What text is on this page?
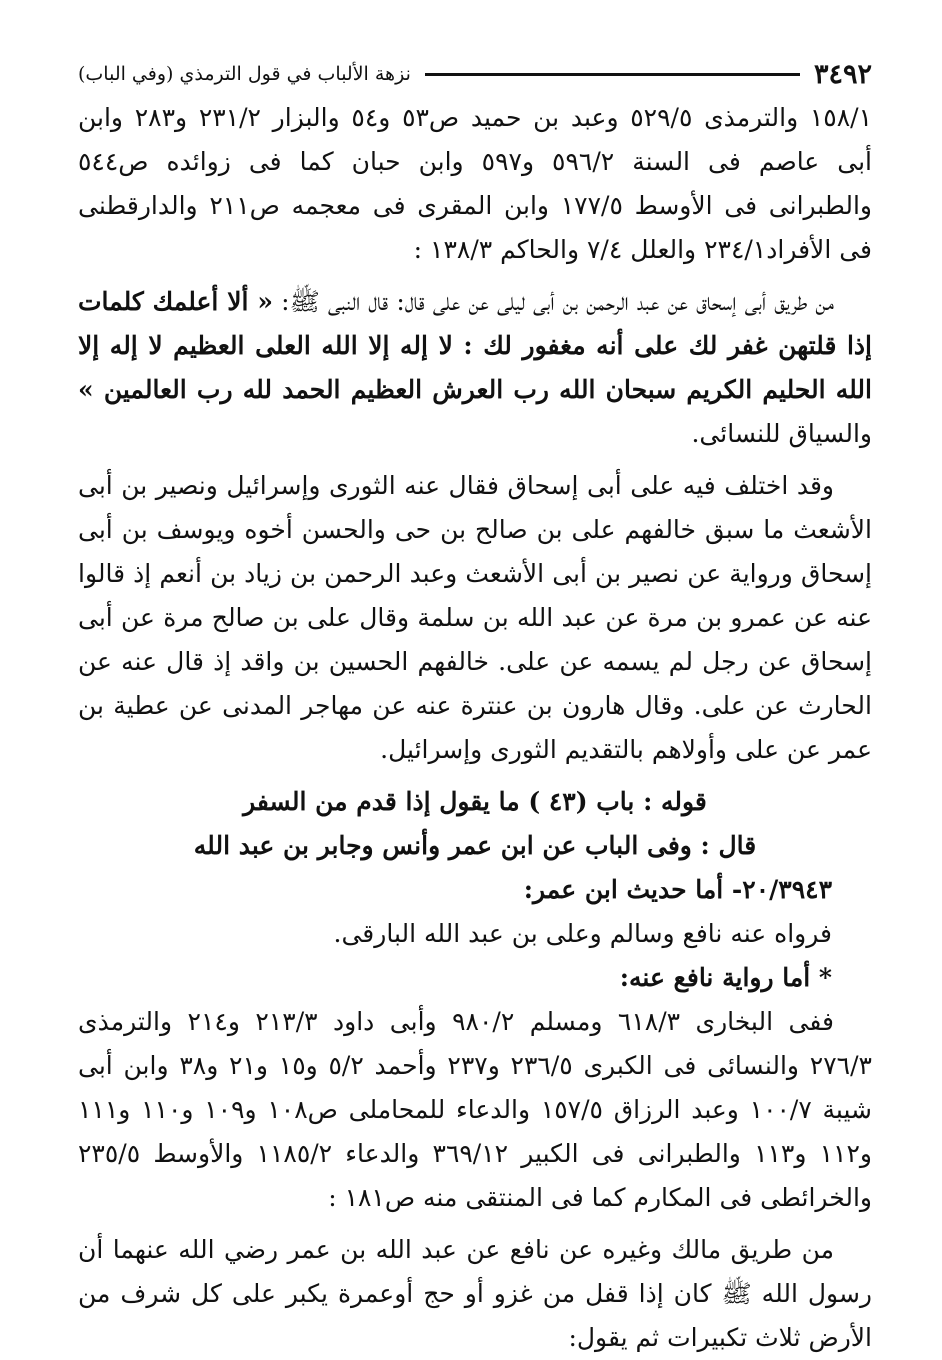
٣٤٩٢
نزهة الألباب في قول الترمذي (وفي الباب)

١٥٨/١ والترمذى ٥٢٩/٥ وعبد بن حميد ص٥٣ و٥٤ والبزار ٢٣١/٢ و٢٨٣ وابن أبى عاصم فى السنة ٥٩٦/٢ و٥٩٧ وابن حبان كما فى زوائده ص٥٤٤ والطبرانى فى الأوسط ١٧٧/٥ وابن المقرى فى معجمه ص٢١١ والدارقطنى فى الأفراد٢٣٤/١ والعلل ٧/٤ والحاكم ١٣٨/٣ :

من طريق أبى إسحاق عن عبد الرحمن بن أبى ليلى عن على قال: قال النبى ﷺ: « ألا أعلمك كلمات إذا قلتهن غفر لك على أنه مغفور لك : لا إله إلا الله العلى العظيم لا إله إلا الله الحليم الكريم سبحان الله رب العرش العظيم الحمد لله رب العالمين » والسياق للنسائى.

وقد اختلف فيه على أبى إسحاق فقال عنه الثورى وإسرائيل ونصير بن أبى الأشعث ما سبق خالفهم على بن صالح بن حى والحسن أخوه ويوسف بن أبى إسحاق ورواية عن نصير بن أبى الأشعث وعبد الرحمن بن زياد بن أنعم إذ قالوا عنه عن عمرو بن مرة عن عبد الله بن سلمة وقال على بن صالح مرة عن أبى إسحاق عن رجل لم يسمه عن على. خالفهم الحسين بن واقد إذ قال عنه عن الحارث عن على. وقال هارون بن عنترة عنه عن مهاجر المدنى عن عطية بن عمر عن على وأولاهم بالتقديم الثورى وإسرائيل.

قوله : باب (٤٣ ) ما يقول إذا قدم من السفر

قال : وفى الباب عن ابن عمر وأنس وجابر بن عبد الله

٢٠/٣٩٤٣- أما حديث ابن عمر:

فرواه عنه نافع وسالم وعلى بن عبد الله البارقى.

* أما رواية نافع عنه:

ففى البخارى ٦١٨/٣ ومسلم ٩٨٠/٢ وأبى داود ٢١٣/٣ و٢١٤ والترمذى ٢٧٦/٣ والنسائى فى الكبرى ٢٣٦/٥ و٢٣٧ وأحمد ٥/٢ و١٥ و٢١ و٣٨ وابن أبى شيبة ١٠٠/٧ وعبد الرزاق ١٥٧/٥ والدعاء للمحاملى ص١٠٨ و١٠٩ و١١٠ و١١١ و١١٢ و١١٣ والطبرانى فى الكبير ٣٦٩/١٢ والدعاء ١١٨٥/٢ والأوسط ٢٣٥/٥ والخرائطى فى المكارم كما فى المنتقى منه ص١٨١ :

من طريق مالك وغيره عن نافع عن عبد الله بن عمر رضي الله عنهما أن رسول الله ﷺ كان إذا قفل من غزو أو حج أوعمرة يكبر على كل شرف من الأرض ثلاث تكبيرات ثم يقول:
